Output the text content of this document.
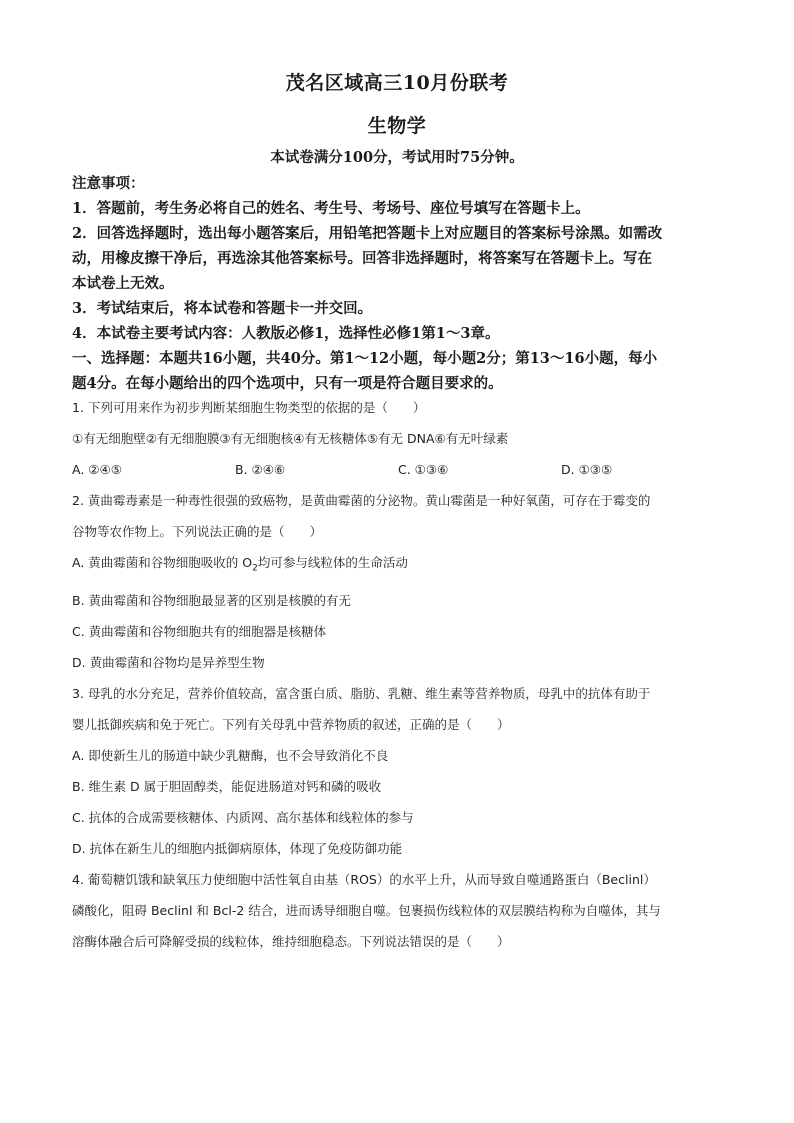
茂名区域高三10月份联考
生物学
本试卷满分100分，考试用时75分钟。

注意事项：

1．答题前，考生务必将自己的姓名、考生号、考场号、座位号填写在答题卡上。

2．回答选择题时，选出每小题答案后，用铅笔把答题卡上对应题目的答案标号涂黑。如需改

动，用橡皮擦干净后，再选涂其他答案标号。回答非选择题时，将答案写在答题卡上。写在

本试卷上无效。

3．考试结束后，将本试卷和答题卡一并交回。

4．本试卷主要考试内容：人教版必修1，选择性必修1第1～3章。

一、选择题：本题共16小题，共40分。第1～12小题，每小题2分；第13～16小题，每小

题4分。在每小题给出的四个选项中，只有一项是符合题目要求的。

1. 下列可用来作为初步判断某细胞生物类型的依据的是（　　）

①有无细胞壁②有无细胞膜③有无细胞核④有无核糖体⑤有无 DNA⑥有无叶绿素

A. ②④⑤	B. ②④⑥	C. ①③⑥	D. ①③⑤

2. 黄曲霉毒素是一种毒性很强的致癌物，是黄曲霉菌的分泌物。黄山霉菌是一种好氧菌，可存在于霉变的

谷物等农作物上。下列说法正确的是（　　）

A. 黄曲霉菌和谷物细胞吸收的 $O_2$均可参与线粒体的生命活动

B. 黄曲霉菌和谷物细胞最显著的区别是核膜的有无

C. 黄曲霉菌和谷物细胞共有的细胞器是核糖体

D. 黄曲霉菌和谷物均是异养型生物

3. 母乳的水分充足，营养价值较高，富含蛋白质、脂肪、乳糖、维生素等营养物质，母乳中的抗体有助于

婴儿抵御疾病和免于死亡。下列有关母乳中营养物质的叙述，正确的是（　　）

A. 即使新生儿的肠道中缺少乳糖酶，也不会导致消化不良

B. 维生素 D 属于胆固醇类，能促进肠道对钙和磷的吸收

C. 抗体的合成需要核糖体、内质网、高尔基体和线粒体的参与

D. 抗体在新生儿的细胞内抵御病原体，体现了免疫防御功能

4. 葡萄糖饥饿和缺氧压力使细胞中活性氧自由基（ROS）的水平上升，从而导致自噬通路蛋白（Beclinl）

磷酸化，阻碍 Beclinl 和 Bcl-2 结合，进而诱导细胞自噬。包裹损伤线粒体的双层膜结构称为自噬体，其与

溶酶体融合后可降解受损的线粒体，维持细胞稳态。下列说法错误的是（　　）
